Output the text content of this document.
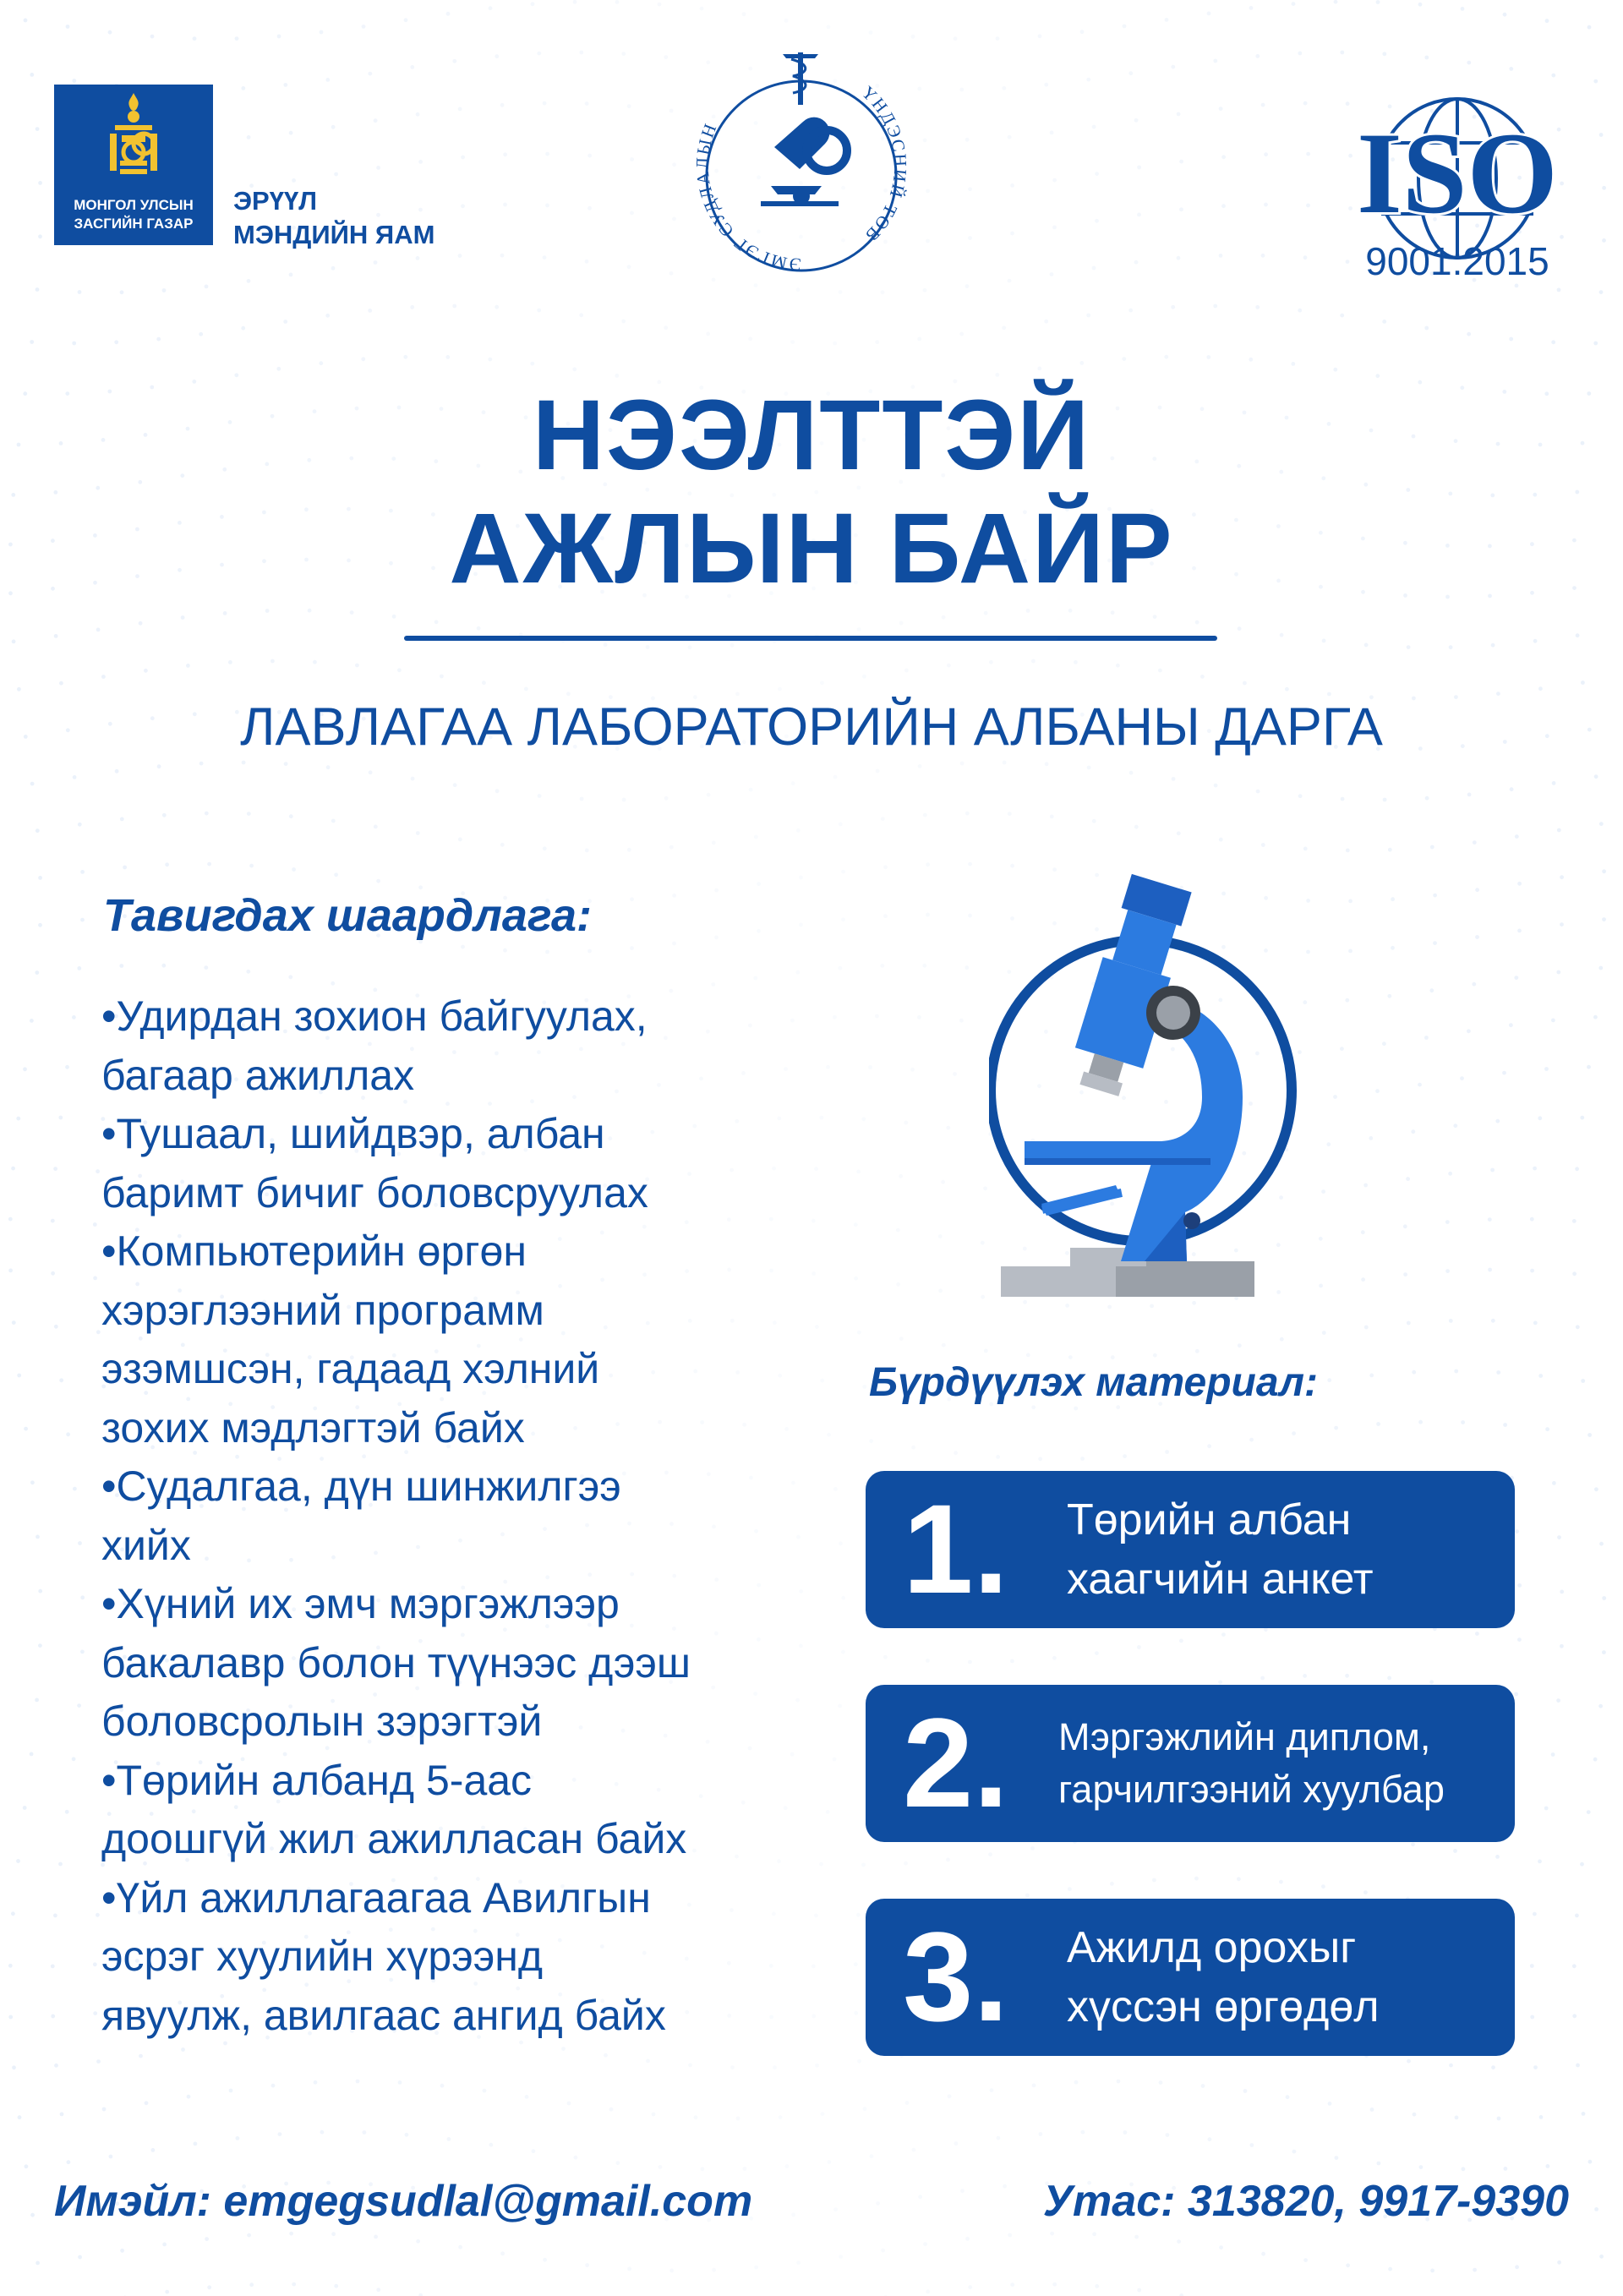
МОНГОЛ УЛСЫН
ЗАСГИЙН ГАЗАР
ЭРҮҮЛ
МЭНДИЙН ЯАМ
ЭМГЭГ СУДЛАЛЫН
ҮНДЭСНИЙ ТӨВ	ISO
9001:2015
НЭЭЛТТЭЙ
АЖЛЫН БАЙР
ЛАВЛАГАА ЛАБОРАТОРИЙН АЛБАНЫ ДАРГА
Тавигдах шаардлага:
•Удирдан зохион байгуулах,
багаар ажиллах
•Тушаал, шийдвэр, албан
баримт бичиг боловсруулах
•Компьютерийн өргөн
хэрэглээний программ
эзэмшсэн, гадаад хэлний
зохих мэдлэгтэй байх
•Судалгаа, дүн шинжилгээ
хийх
•Хүний их эмч мэргэжлээр
бакалавр болон түүнээс дээш
боловсролын зэрэгтэй
•Төрийн албанд 5-аас
доошгүй жил ажилласан байх
•Үйл ажиллагаагаа Авилгын
эсрэг хуулийн хүрээнд
явуулж, авилгаас ангид байх
Бүрдүүлэх материал:
1. Төрийн албан
хаагчийн анкет
2. Мэргэжлийн диплом,
гарчилгээний хуулбар
3. Ажилд орохыг
хүссэн өргөдөл
Имэйл: emgegsudlal@gmail.com	Утас: 313820, 9917-9390
